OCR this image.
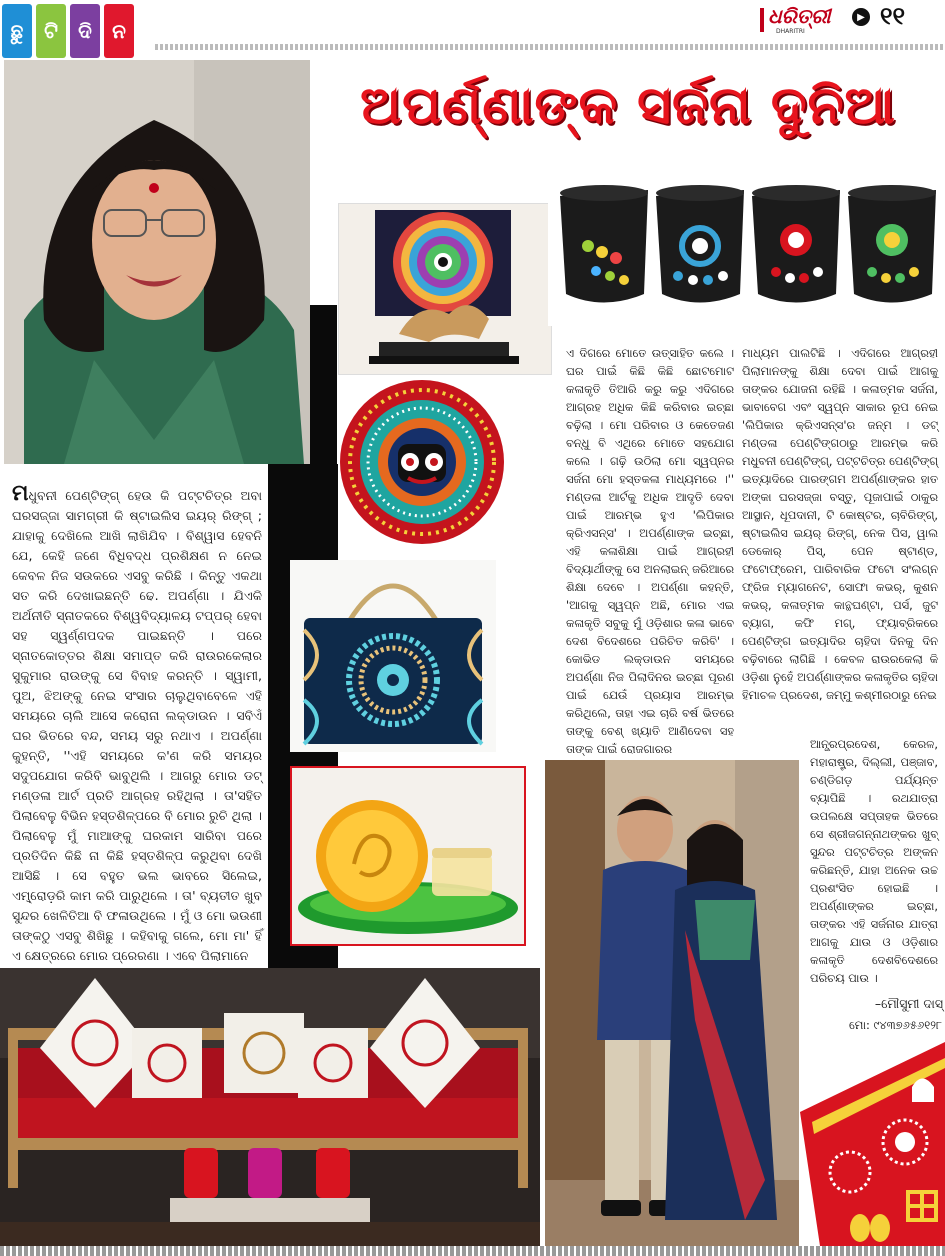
ଛୁ	ଟି	ଦି	ନ
ଧରିତ୍ରୀ
DHARITRI
▶ ୧୧
ଅପର୍ଣ୍ଣାଙ୍କ ସର୍ଜନା ଦୁନିଆ

ମଧୁବନୀ ପେଣ୍ଟିଙ୍ଗ୍ ହେଉ କି ପଟ୍ଟଚିତ୍ର ଅବା ଘରସଜ୍ଜା ସାମଗ୍ରୀ କି ଷ୍ଟାଇଲିସ ଇୟର୍ ରିଙ୍ଗ୍ ; ଯାହାକୁ ଦେଖିଲେ ଆଖି ଲାଖିଯିବ । ବିଶ୍ୱାସ ହେବନି ଯେ, କେହି ଜଣେ ବିଧିବଦ୍ଧ ପ୍ରଶିକ୍ଷଣ ନ ନେଇ କେବଳ ନିଜ ସଉକରେ ଏସବୁ କରିଛି । କିନ୍ତୁ ଏକଥା ସତ କରି ଦେଖାଇଛନ୍ତି ଢେ. ଅପର୍ଣ୍ଣା । ଯିଏକି ଅର୍ଥନୀତି ସ୍ନାତକରେ ବିଶ୍ୱବିଦ୍ୟାଳୟ ଟପ୍ପର୍ ହେବା ସହ ସ୍ୱର୍ଣ୍ଣପଦକ ପାଇଛନ୍ତି । ପରେ ସ୍ନାତକୋତ୍ତର ଶିକ୍ଷା ସମାପ୍ତ କରି ରାଉରକେଲାର ସୁକୁମାର ରାଉଙ୍କୁ ସେ ବିବାହ କରନ୍ତି । ସ୍ୱାମୀ, ପୁଅ, ଝିଅଙ୍କୁ ନେଇ ସଂସାର ଚାଲୁଥିବାବେଳେ ଏହି ସମୟରେ ଚାଲି ଆସେ କରୋନା ଲକ୍ଡାଉନ । ସବିଏଁ ଘର ଭିତରେ ବନ୍ଦ, ସମୟ ସରୁ ନଥାଏ । ଅପର୍ଣ୍ଣା କୁହନ୍ତି, ''ଏହି ସମୟରେ କ'ଣ କରି ସମୟର ସଦୁପଯୋଗ କରିବି ଭାବୁଥିଲି । ଆଗରୁ ମୋର ଡଟ୍ ମଣ୍ଡଳା ଆର୍ଟ ପ୍ରତି ଆଗ୍ରହ ରହିଥିଲା । ତା'ସହିତ ପିଲାବେଳୁ ବିଭିନ ହସ୍ତଶିଳ୍ପରେ ବି ମୋର ରୁଚି ଥିଲା । ପିଲାବେଳୁ ମୁଁ ମାଆଙ୍କୁ ଘରକାମ ସାରିବା ପରେ ପ୍ରତିଦିନ କିଛି ନା କିଛି ହସ୍ତଶିଳ୍ପ କରୁଥିବା ଦେଖି ଆସିଛି । ସେ ବହୁତ ଭଲ ଭାବରେ ସିଲେଇ, ଏମ୍ବ୍ରୋଡ଼ରି କାମ କରି ପାରୁଥିଲେ । ତା' ବ୍ୟତୀତ ଖୁବ ସୁନ୍ଦର ଖେଳିତିଆ ବି ଫଳାଉଥିଲେ । ମୁଁ ଓ ମୋ ଭଉଣୀ ତାଙ୍କଠୁ ଏସବୁ ଶିଖିଛୁ । କହିବାକୁ ଗଲେ, ମୋ ମା' ହିଁ ଏ କ୍ଷେତ୍ରରେ ମୋର ପ୍ରେରଣା । ଏବେ ପିଲାମାନେ

ଏ ଦିଗରେ ମୋତେ ଉତ୍ସାହିତ କଲେ । ଘର ପାଇଁ କିଛି କିଛି ଛୋଟମୋଟ କଳାକୃତି ତିଆରି କରୁ କରୁ ଏଦିଗରେ ଆଗ୍ରହ ଅଧିକ କିଛି କରିବାର ଇଚ୍ଛା ବଢ଼ିଲା । ମୋ ପରିବାର ଓ କେତେଜଣ ବନ୍ଧୁ ବି ଏଥିରେ ମୋତେ ସହଯୋଗ କଲେ । ଗଢ଼ି ଉଠିଲା ମୋ ସ୍ୱପ୍ନର ସର୍ଜନା ମୋ ହସ୍ତକଳା ମାଧ୍ୟମରେ ।'' ମଣ୍ଡଳା ଆର୍ଟକୁ ଅଧିକ ଆଦୃତି ଦେବା ପାଇଁ ଆରମ୍ଭ ହୁଏ 'ଲିପିକାର କ୍ରିଏସନ୍ସ' । ଅପର୍ଣ୍ଣାଙ୍କ ଇଚ୍ଛା, ଏହି କଳାଶିକ୍ଷା ପାଇଁ ଆଗ୍ରହୀ ବିଦ୍ୟାର୍ଥୀଙ୍କୁ ସେ ଅନଲାଇନ୍ ଜରିଆରେ ଶିକ୍ଷା ଦେବେ । ଅପର୍ଣ୍ଣା କହନ୍ତି, 'ଆଗକୁ ସ୍ୱପ୍ନ ଅଛି, ମୋର ଏଇ କଳାକୃତି ସବୁକୁ ମୁଁ ଓଡ଼ିଶାର କଳା ଭାବେ ଦେଶ ବିଦେଶରେ ପରିଚିତ କରିବି' । କୋଭିଡ ଲକ୍ଡାଉନ ସମୟରେ ଅପର୍ଣ୍ଣା ନିଜ ପିଲାଦିନର ଇଚ୍ଛା ପୂରଣ ପାଇଁ ଯେଉଁ ପ୍ରୟାସ ଆରମ୍ଭ କରିଥିଲେ, ତାହା ଏଇ ଚାରି ବର୍ଷ ଭିତରେ ତାଙ୍କୁ ବେଶ୍ ଖ୍ୟାତି ଆଣିଦେବା ସହ ତାଙ୍କ ପାଇଁ ରୋଜଗାରର

ମାଧ୍ୟମ ପାଲଟିଛି । ଏଦିଗରେ ଆଗ୍ରହୀ ପିଲାମାନଙ୍କୁ ଶିକ୍ଷା ଦେବା ପାଇଁ ଆଗକୁ ତାଙ୍କର ଯୋଜନା ରହିଛି । କଳାତ୍ମକ ସର୍ଜନା, ଭାବାବେଗ ଏବଂ ସ୍ୱପ୍ନ ସାକାର ରୂପ ନେଇ 'ଲିପିକାର କ୍ରିଏସନ୍ସ'ର ଜନ୍ମ । ଡଟ୍ ମଣ୍ଡଳା ପେଣ୍ଟିଙ୍ଗଠାରୁ ଆରମ୍ଭ କରି ମଧୁବନୀ ପେଣ୍ଟିଙ୍ଗ୍, ପଟ୍ଟଚିତ୍ର ପେଣ୍ଟିଙ୍ଗ୍ ଇତ୍ୟାଦିରେ ପାରଙ୍ଗମ ଅପର୍ଣ୍ଣାଙ୍କର ହାତ ଅଙ୍କା ଘରସଜ୍ଜା ବସ୍ତୁ, ପୂଜାପାଇଁ ଠାକୁର ଆସ୍ଥାନ, ଧୂପଦାନୀ, ଟି କୋଷ୍ଟର, ଚାବିରିଙ୍ଗ୍, ଷ୍ଟାଇଲିସ ଇୟର୍ ରିଙ୍ଗ୍, ନେକ ପିସ, ୱାଲ ଡେକୋର୍ ପିସ୍, ପେନ ଷ୍ଟାଣ୍ଡ, ଫଟୋଫ୍ରେମ, ପାରିବାରିକ ଫଟୋ ସଂଲଗ୍ନ ଫ୍ରିଜ ମ୍ୟାଗନେଟ, ସୋଫା କଭର୍, କୁଶନ କଭର୍, କଳାତ୍ମକ କାନ୍ଥଘଣ୍ଟା, ପର୍ସ, ଜୁଟ ବ୍ୟାଗ, କଫି ମଗ୍, ଫ୍ୟାବ୍ରିକରେ ପେଣ୍ଟିଙ୍ଗ ଇତ୍ୟାଦିର ଚାହିଦା ଦିନକୁ ଦିନ ବଢ଼ିବାରେ ଲାଗିଛି । କେବଳ ରାଉରକେଲା କି ଓଡ଼ିଶା ନୁହେଁ ଅପର୍ଣ୍ଣାଙ୍କର କଳାକୃତିର ଚାହିଦା ହିମାଚଳ ପ୍ରଦେଶ, ଜମ୍ମୁ କଶ୍ମୀରଠାରୁ ନେଇ

ଆନ୍ଧ୍ରପ୍ରଦେଶ, କେରଳ, ମହାରାଷ୍ଟ୍ର, ଦିଲ୍ଲୀ, ପଞ୍ଜାବ, ଚଣ୍ଡିଗଡ଼ ପର୍ଯ୍ୟନ୍ତ ବ୍ୟାପିଛି । ରଥଯାତ୍ରା ଉପଲକ୍ଷେ ସପ୍ତାହକ ଭିତରେ ସେ ଶ୍ରୀଜଗନ୍ନାଥଙ୍କର ଖୁବ୍ ସୁନ୍ଦର ପଟ୍ଟଚିତ୍ର ଅଙ୍କନ କରିଛନ୍ତି, ଯାହା ଅନେକ ଉଚ୍ଚ ପ୍ରଶଂସିତ ହୋଇଛି । ଅପର୍ଣ୍ଣାଙ୍କର ଇଚ୍ଛା, ତାଙ୍କର ଏହି ସର୍ଜନାର ଯାତ୍ରା ଆଗକୁ ଯାଉ ଓ ଓଡ଼ିଶାର କଳାକୃତି ଦେଶବିଦେଶରେ ପରିଚୟ ପାଉ ।

–ମୌସୁମୀ ଦାସ୍
ମୋ: ୯୪୩୭୬୫୬୧୨୮
